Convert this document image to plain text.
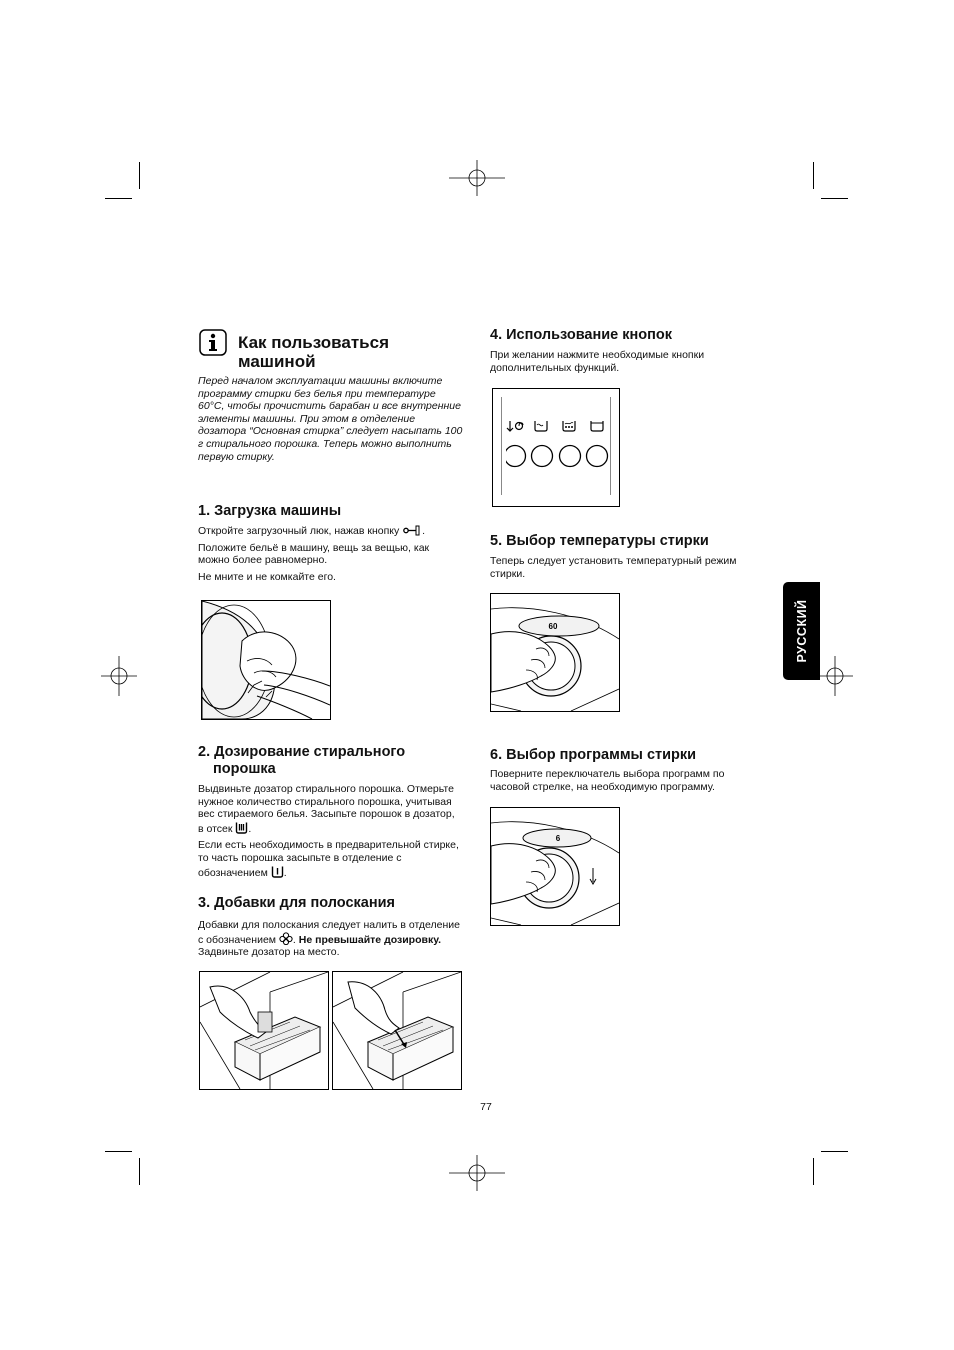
Как пользоваться машиной
Перед началом эксплуатации машины включите программу стирки без белья при температуре 60°C, чтобы прочистить барабан и все внутренние элементы машины. При этом в отделение дозатора “Основная стирка” следует насыпать 100 г стирального порошка. Теперь можно выполнить первую стирку.
1. Загрузка машины
Откройте загрузочный люк, нажав кнопку .
Положите бельё в машину, вещь за вещью, как можно более равномерно.
Не мните и не комкайте его.
2. Дозирование стирального
порошка
Выдвиньте дозатор стирального порошка. Отмерьте нужное количество стирального порошка, учитывая вес стираемого белья. Засыпьте порошок в дозатор, в отсек .
Если есть необходимость в предварительной стирке, то часть порошка засыпьте в отделение с обозначением .
3. Добавки для полоскания
Добавки для полоскания следует налить в отделение с обозначением . Не превышайте дозировку. Задвиньте дозатор на место.
4. Использование кнопок
При желании нажмите необходимые кнопки дополнительных функций.
5. Выбор температуры стирки
Теперь следует установить температурный режим стирки.
60
6. Выбор программы стирки
Поверните переключатель выбора программ по часовой стрелке, на необходимую программу.
6
РУССКИЙ
77
